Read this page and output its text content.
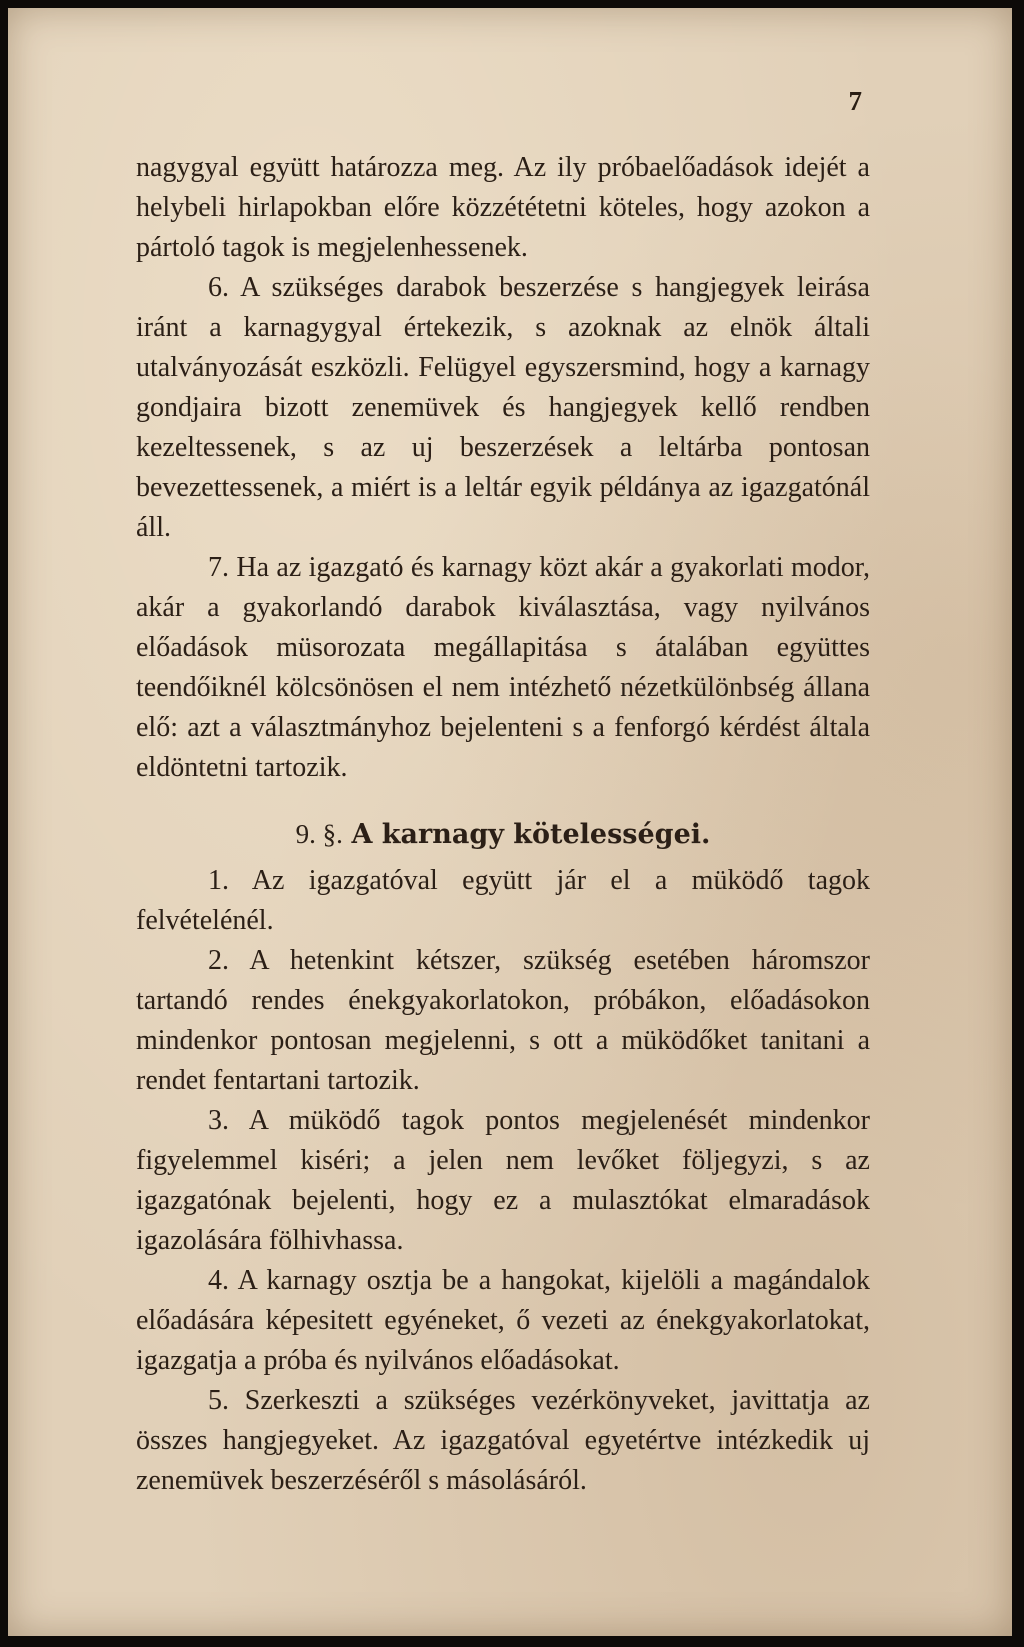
7

nagygyal együtt határozza meg. Az ily próbaelőadások idejét a helybeli hirlapokban előre közzététetni köteles, hogy azokon a pártoló tagok is megjelenhessenek.

6. A szükséges darabok beszerzése s hangjegyek leirása iránt a karnagygyal értekezik, s azoknak az elnök általi utalványozását eszközli. Felügyel egyszersmind, hogy a karnagy gondjaira bizott zenemüvek és hangjegyek kellő rendben kezeltessenek, s az uj beszerzések a leltárba pontosan bevezettessenek, a miért is a leltár egyik példánya az igazgatónál áll.

7. Ha az igazgató és karnagy közt akár a gyakorlati modor, akár a gyakorlandó darabok kiválasztása, vagy nyilvános előadások müsorozata megállapitása s átalában együttes teendőiknél kölcsönösen el nem intézhető nézetkülönbség állana elő: azt a választmányhoz bejelenteni s a fenforgó kérdést általa eldöntetni tartozik.

9. §. A karnagy kötelességei.

1. Az igazgatóval együtt jár el a müködő tagok felvételénél.

2. A hetenkint kétszer, szükség esetében háromszor tartandó rendes énekgyakorlatokon, próbákon, előadásokon mindenkor pontosan megjelenni, s ott a müködőket tanitani a rendet fentartani tartozik.

3. A müködő tagok pontos megjelenését mindenkor figyelemmel kiséri; a jelen nem levőket följegyzi, s az igazgatónak bejelenti, hogy ez a mulasztókat elmaradások igazolására fölhivhassa.

4. A karnagy osztja be a hangokat, kijelöli a magándalok előadására képesitett egyéneket, ő vezeti az énekgyakorlatokat, igazgatja a próba és nyilvános előadásokat.

5. Szerkeszti a szükséges vezérkönyveket, javittatja az összes hangjegyeket. Az igazgatóval egyetértve intézkedik uj zenemüvek beszerzéséről s másolásáról.
